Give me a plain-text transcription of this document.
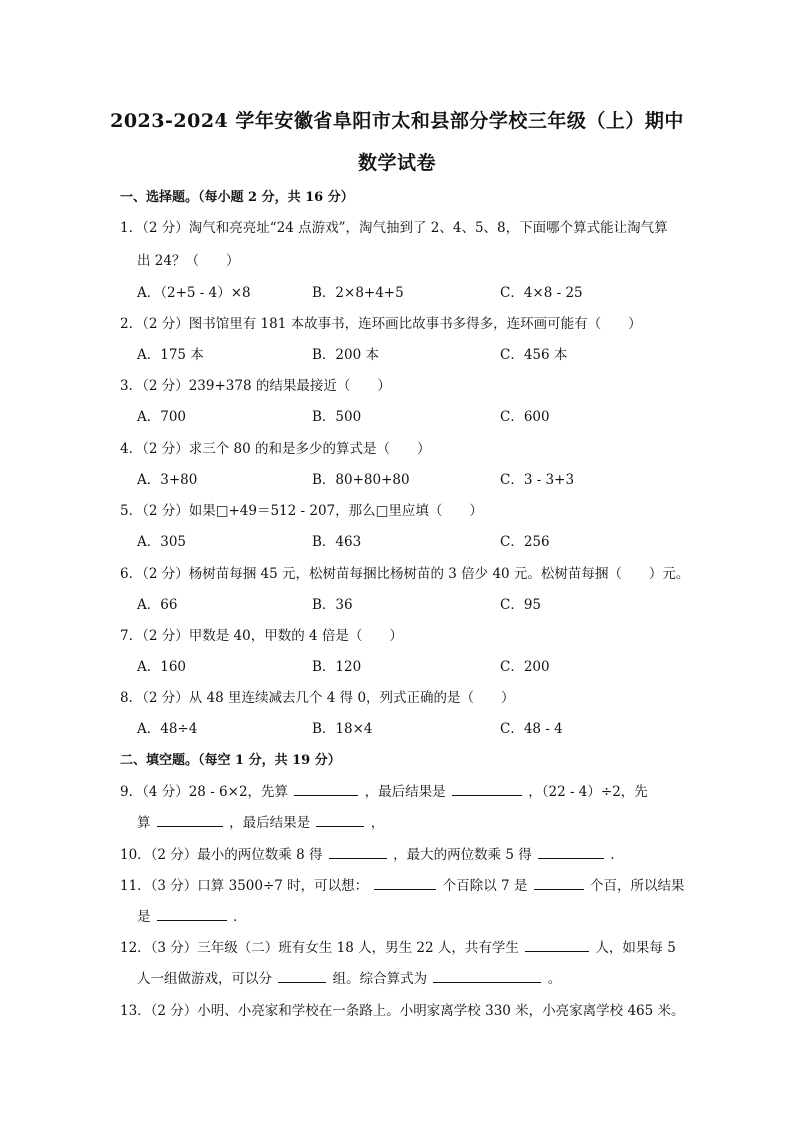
2023-2024 学年安徽省阜阳市太和县部分学校三年级（上）期中
数学试卷
一、选择题。（每小题 2 分，共 16 分）
1．（2 分）淘气和亮亮址“24 点游戏”，淘气抽到了 2、4、5、8，下面哪个算式能让淘气算
出 24？（　　）
A．（2+5 - 4）×8	B．2×8+4+5	C．4×8 - 25
2．（2 分）图书馆里有 181 本故事书，连环画比故事书多得多，连环画可能有（　　）
A．175 本	B．200 本	C．456 本
3．（2 分）239+378 的结果最接近（　　）
A．700	B．500	C．600
4．（2 分）求三个 80 的和是多少的算式是（　　）
A．3+80	B．80+80+80	C．3 - 3+3
5．（2 分）如果□+49＝512 - 207，那么□里应填（　　）
A．305	B．463	C．256
6．（2 分）杨树苗每捆 45 元，松树苗每捆比杨树苗的 3 倍少 40 元。松树苗每捆（　　）元。
A．66	B．36	C．95
7．（2 分）甲数是 40，甲数的 4 倍是（　　）
A．160	B．120	C．200
8．（2 分）从 48 里连续减去几个 4 得 0，列式正确的是（　　）
A．48÷4	B．18×4	C．48 - 4
二、填空题。（每空 1 分，共 19 分）
9．（4 分）28 - 6×2，先算	，最后结果是	，（22 - 4）÷2，先
算	，最后结果是	，
10．（2 分）最小的两位数乘 8 得	，最大的两位数乘 5 得	．
11．（3 分）口算 3500÷7 时，可以想：	个百除以 7 是	个百，所以结果
是	．
12．（3 分）三年级（二）班有女生 18 人，男生 22 人，共有学生	人，如果每 5
人一组做游戏，可以分	组。综合算式为	。
13．（2 分）小明、小亮家和学校在一条路上。小明家离学校 330 米，小亮家离学校 465 米。
